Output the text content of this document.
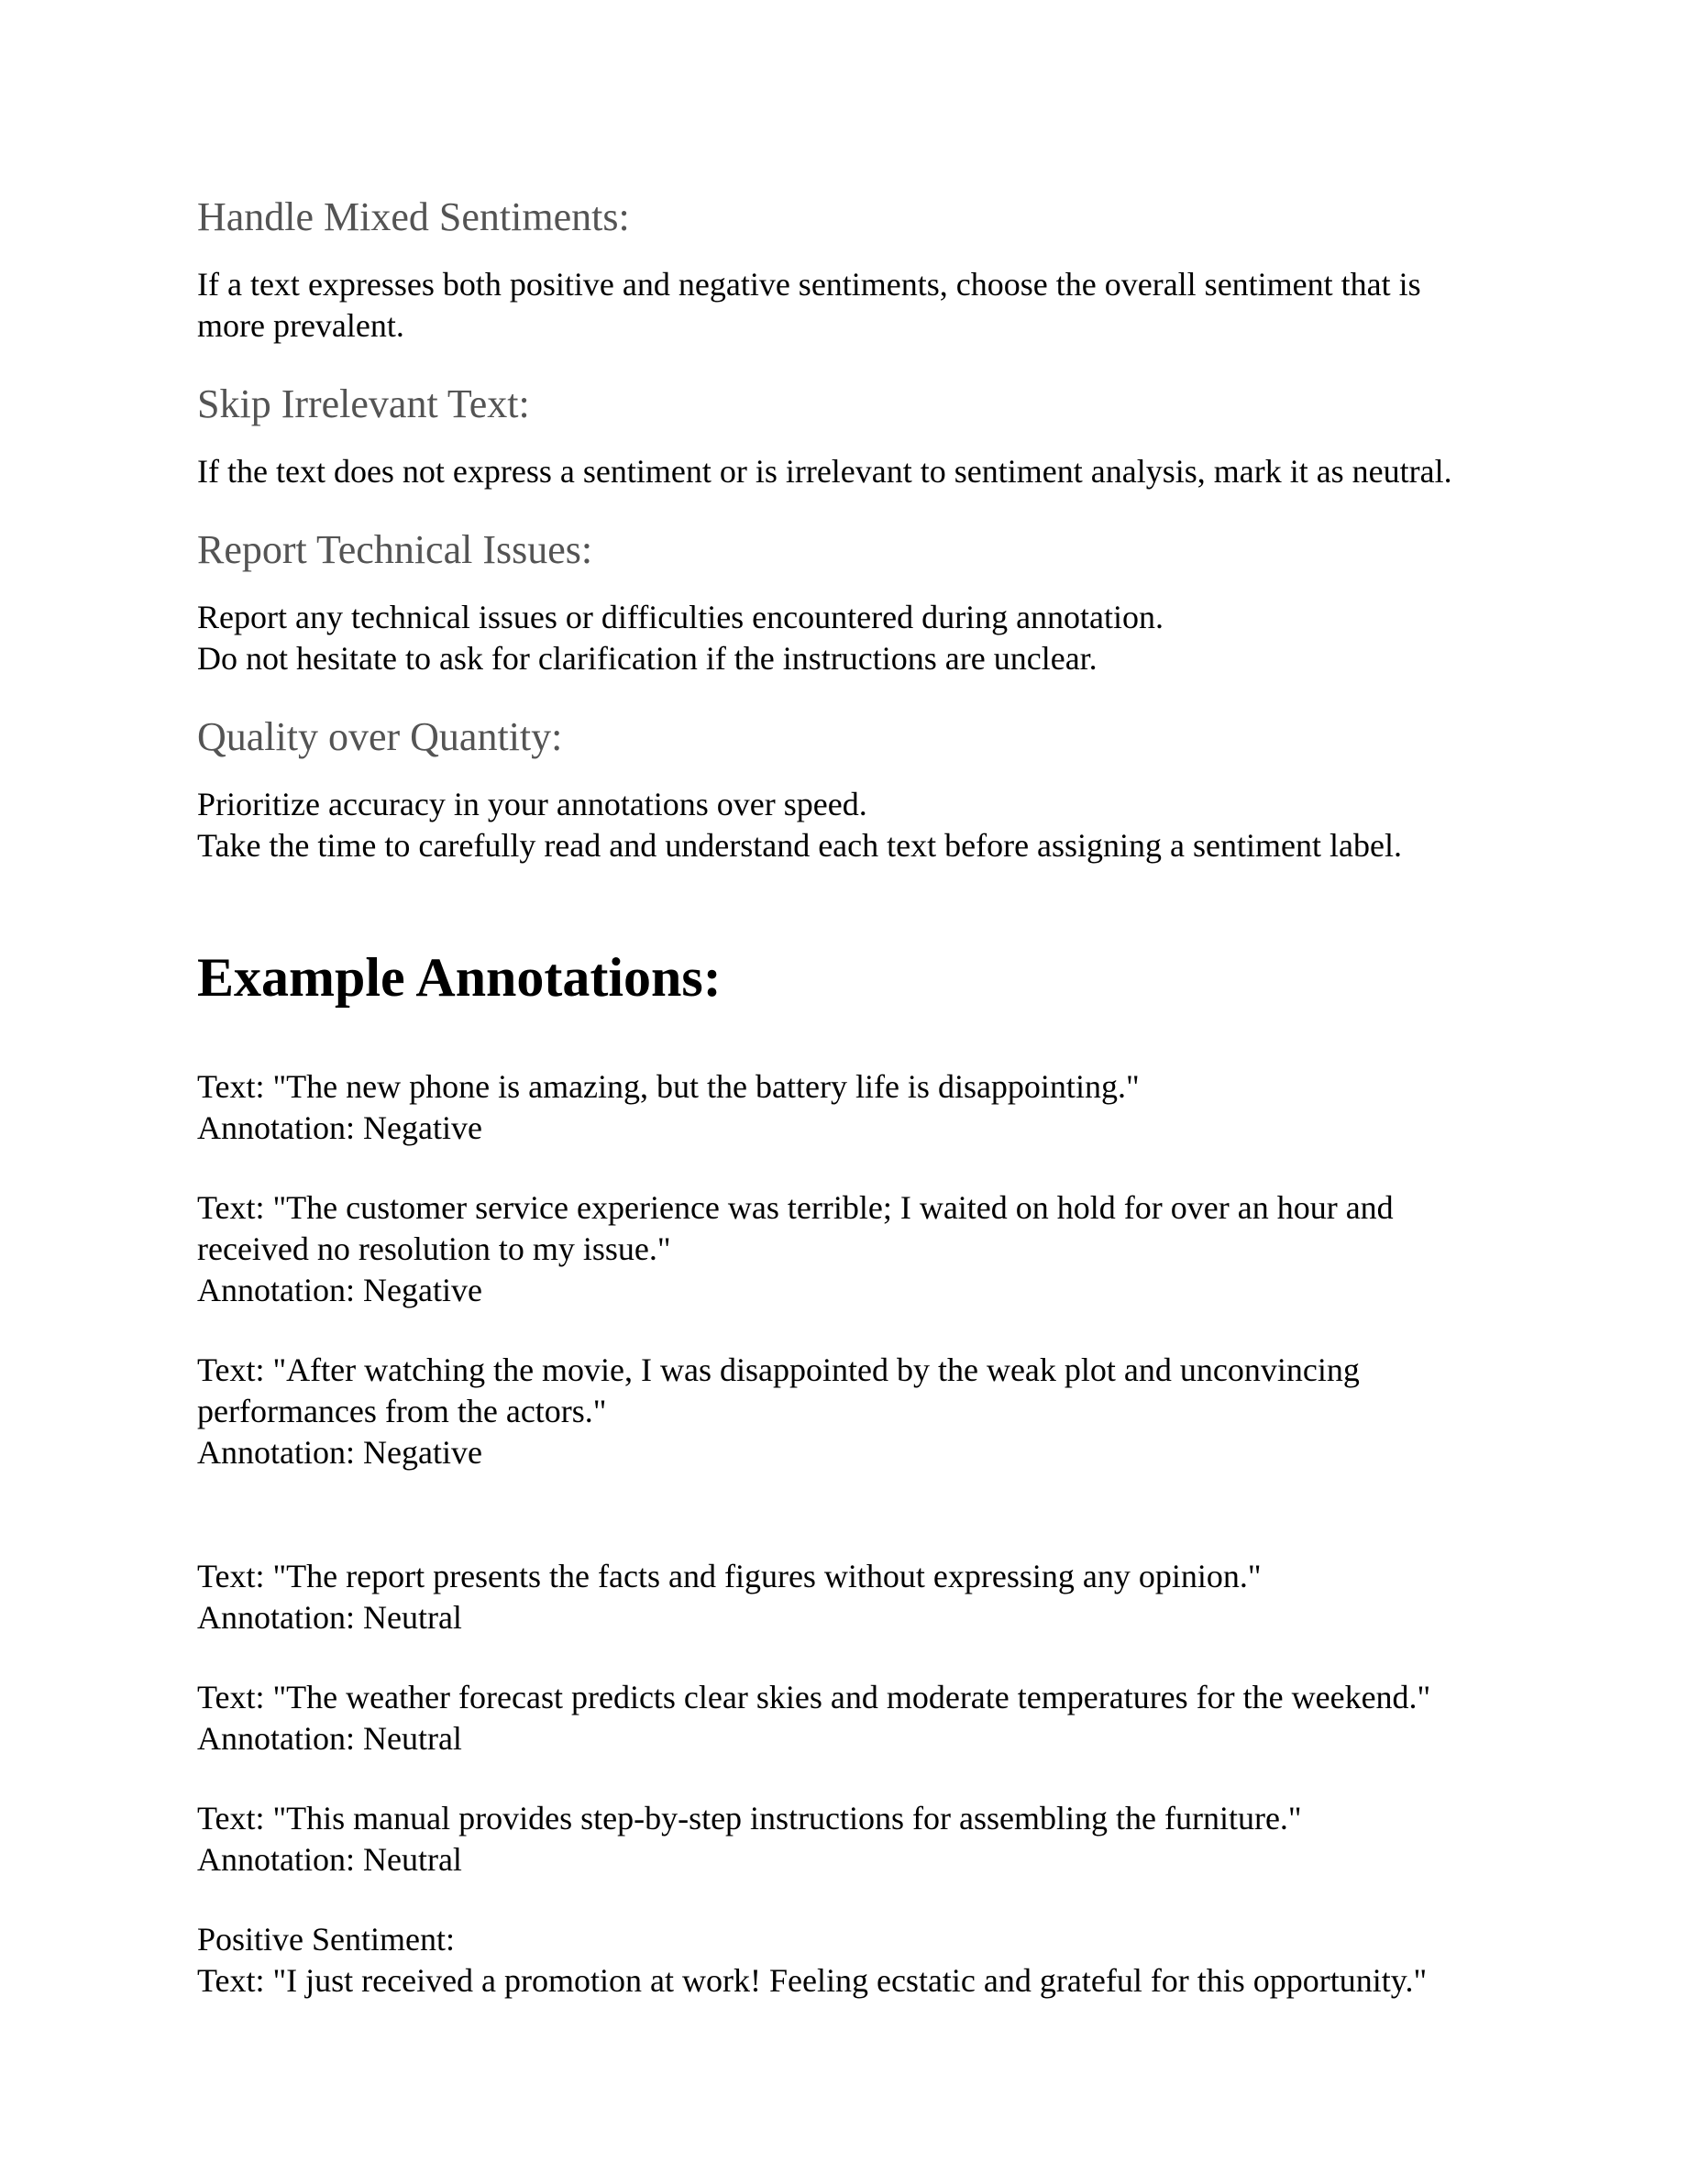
Handle Mixed Sentiments:
If a text expresses both positive and negative sentiments, choose the overall sentiment that is more prevalent.
Skip Irrelevant Text:
If the text does not express a sentiment or is irrelevant to sentiment analysis, mark it as neutral.
Report Technical Issues:
Report any technical issues or difficulties encountered during annotation.
Do not hesitate to ask for clarification if the instructions are unclear.
Quality over Quantity:
Prioritize accuracy in your annotations over speed.
Take the time to carefully read and understand each text before assigning a sentiment label.
Example Annotations:
Text: "The new phone is amazing, but the battery life is disappointing."
Annotation: Negative
Text: "The customer service experience was terrible; I waited on hold for over an hour and received no resolution to my issue."
Annotation: Negative
Text: "After watching the movie, I was disappointed by the weak plot and unconvincing performances from the actors."
Annotation: Negative
Text: "The report presents the facts and figures without expressing any opinion."
Annotation: Neutral
Text: "The weather forecast predicts clear skies and moderate temperatures for the weekend."
Annotation: Neutral
Text: "This manual provides step-by-step instructions for assembling the furniture."
Annotation: Neutral
Positive Sentiment:
Text: "I just received a promotion at work! Feeling ecstatic and grateful for this opportunity."
